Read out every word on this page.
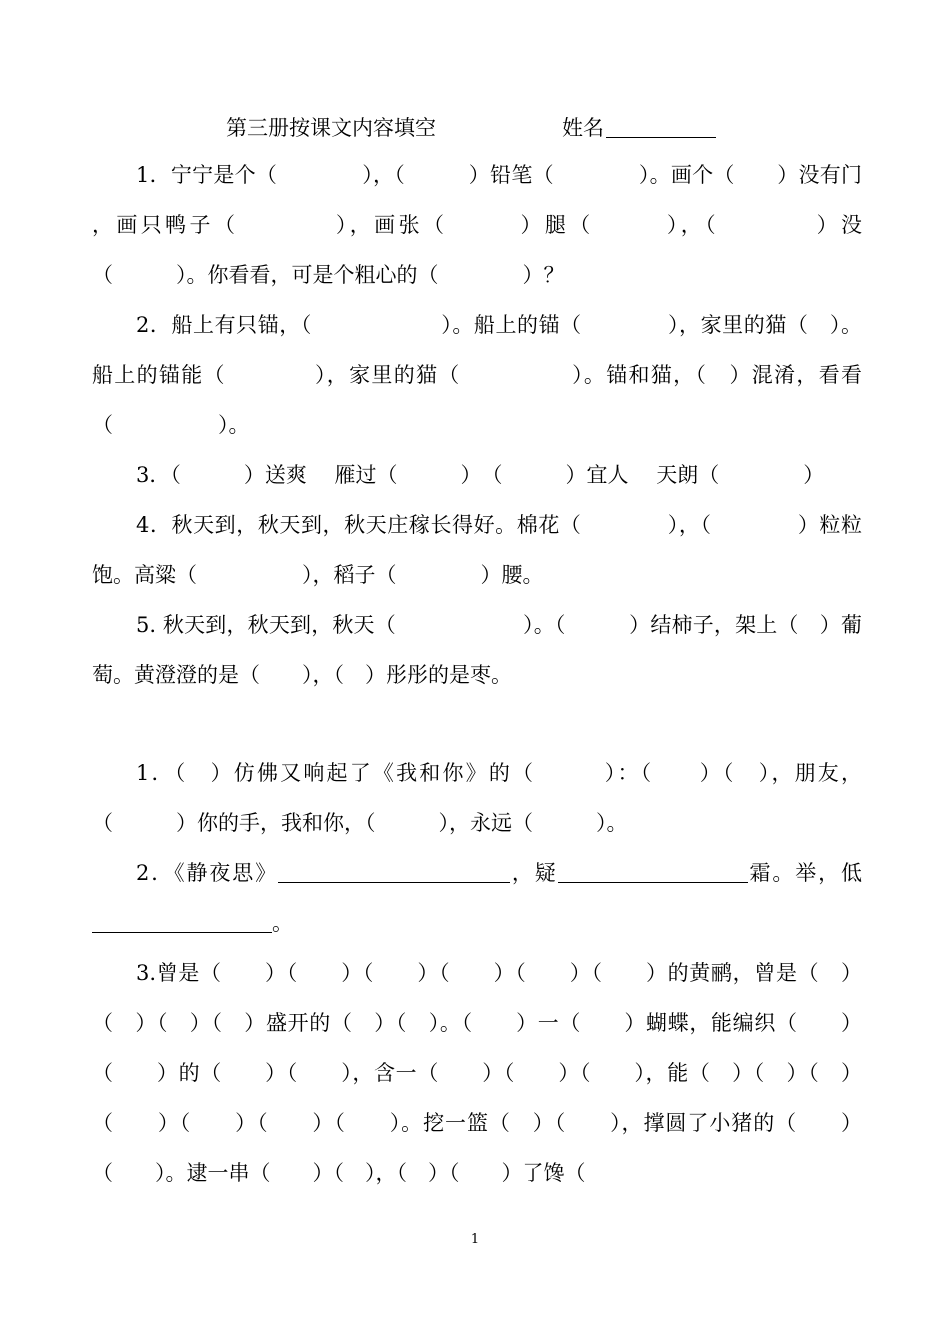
第三册按课文内容填空	姓名

1．宁宁是个（　　　　），（　　　）铅笔（　　　　）。画个（　　）没有门 ，画只鸭子（　　　　），画张（　　　）腿（　　　），（　　　　）没（　　　）。你看看，可是个粗心的（　　　　）？

2．船上有只锚，（　　　　　　）。船上的锚（　　　　），家里的猫（　）。船上的锚能（　　　　），家里的猫（　　　　　）。锚和猫，（　）混淆，看看（　　　　　）。

3．（　　　）送爽　 雁过（　　　）　（　　　）宜人　 天朗（　　　　）

4．秋天到，秋天到，秋天庄稼长得好。棉花（　　　　），（　　　　）粒粒饱。高粱（　　　　　），稻子（　　　　）腰。

5. 秋天到，秋天到，秋天（　　　　　　）。（　　　）结柿子，架上（　）葡萄。黄澄澄的是（　　），（　）彤彤的是枣。

1．（　）仿佛又响起了《我和你》的（　　　）：（　　）（　），朋友，（　　　）你的手，我和你，（　　　），永远（　　　）。

2．《静夜思》	，疑	霜。举，低。

3.曾是（　　）（　　）（　　）（　　）（　　）（　　）的黄鹂，曾是（　）（　）（　）（　）盛开的（　）（　）。（　　）一（　　）蝴蝶，能编织（　　）（　　）的（　　）（　　），含一（　　）（　　）（　　），能（　）（　）（　）（　　）（　　）（　　）（　　）。挖一篮（　）（　　），撑圆了小猪的（　　）（　　）。逮一串（　　）（　），（　）（　　）了馋（

1
